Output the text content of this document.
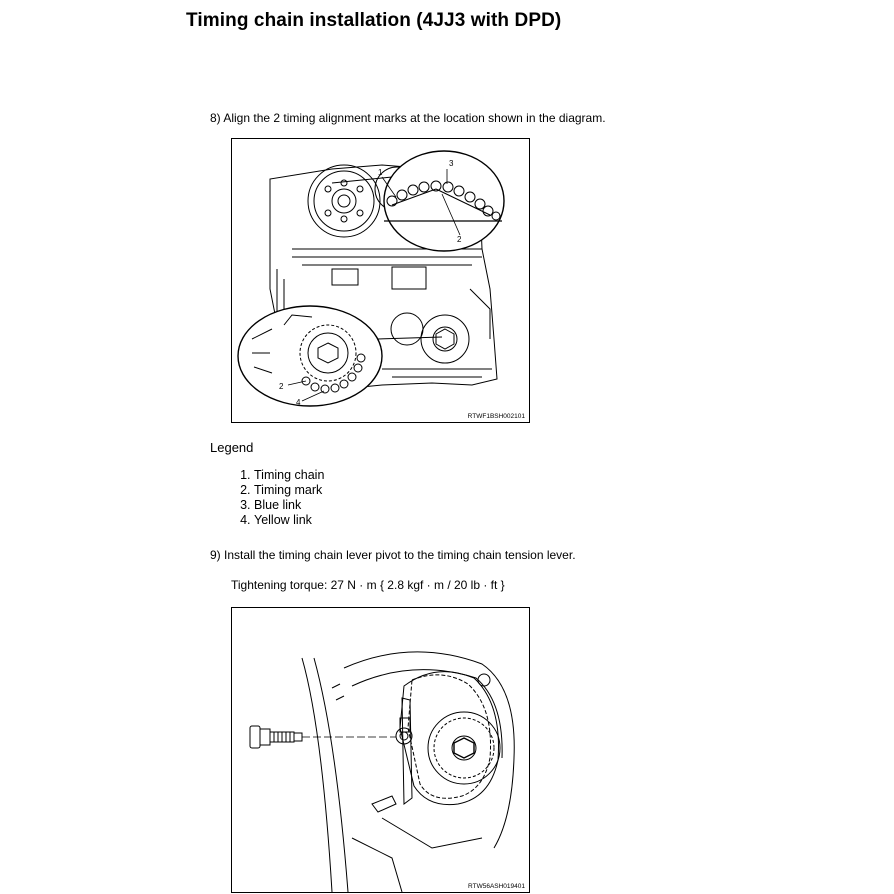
Timing chain installation (4JJ3 with DPD)
8) Align the 2 timing alignment marks at the location shown in the diagram.
1
3
2
2
4
RTWF1BSH002101
Legend
1. Timing chain
2. Timing mark
3. Blue link
4. Yellow link
9) Install the timing chain lever pivot to the timing chain tension lever.
Tightening torque: 27 N · m { 2.8 kgf · m / 20 lb · ft }
RTW56ASH019401
